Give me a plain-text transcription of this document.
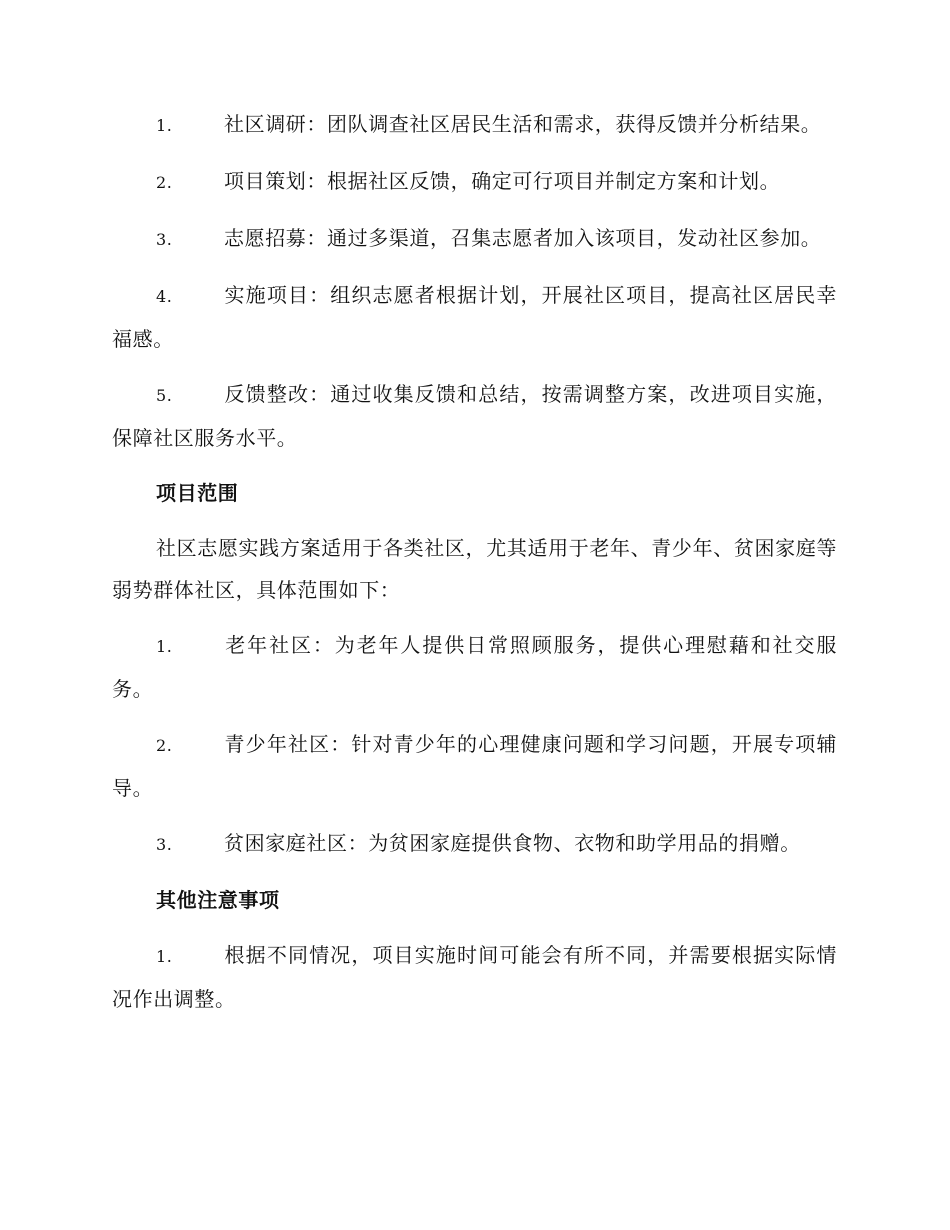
1.	社区调研：团队调查社区居民生活和需求，获得反馈并分析结果。

2.	项目策划：根据社区反馈，确定可行项目并制定方案和计划。

3.	志愿招募：通过多渠道，召集志愿者加入该项目，发动社区参加。

4.	实施项目：组织志愿者根据计划，开展社区项目，提高社区居民幸福感。

5.	反馈整改：通过收集反馈和总结，按需调整方案，改进项目实施，保障社区服务水平。

项目范围

社区志愿实践方案适用于各类社区，尤其适用于老年、青少年、贫困家庭等弱势群体社区，具体范围如下：

1.	老年社区：为老年人提供日常照顾服务，提供心理慰藉和社交服务。

2.	青少年社区：针对青少年的心理健康问题和学习问题，开展专项辅导。

3.	贫困家庭社区：为贫困家庭提供食物、衣物和助学用品的捐赠。

其他注意事项

1.	根据不同情况，项目实施时间可能会有所不同，并需要根据实际情况作出调整。
